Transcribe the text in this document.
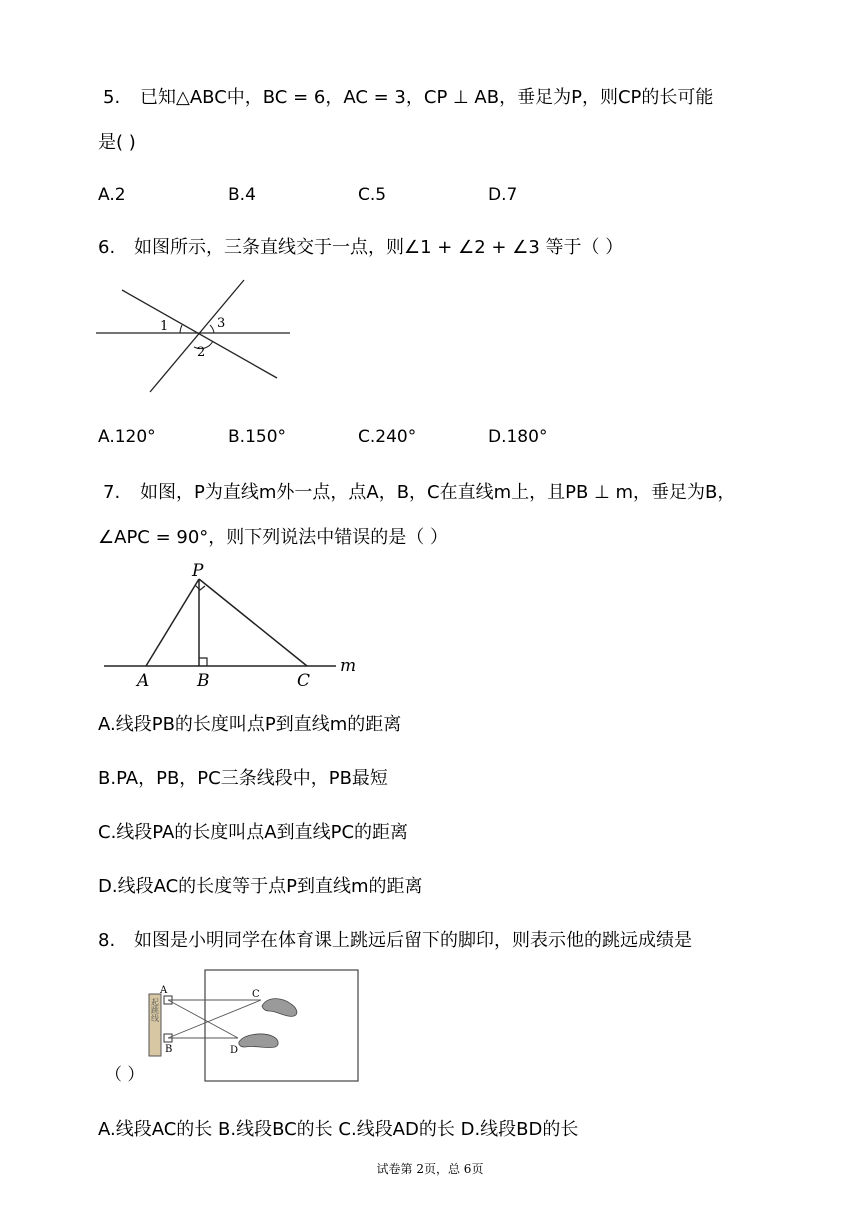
5. 已知△ABC中，BC = 6，AC = 3，CP ⊥ AB，垂足为P，则CP的长可能
是( )
A.2	B.4	C.5	D.7
6. 如图所示，三条直线交于一点，则∠1 + ∠2 + ∠3 等于（ ）
1
2
3
A.120°	B.150°	C.240°	D.180°
7. 如图，P为直线m外一点，点A，B，C在直线m上，且PB ⊥ m，垂足为B，
∠APC = 90°，则下列说法中错误的是（ ）
P
A	B	C
m
A.线段PB的长度叫点P到直线m的距离
B.PA，PB，PC三条线段中，PB最短
C.线段PA的长度叫点A到直线PC的距离
D.线段AC的长度等于点P到直线m的距离
8. 如图是小明同学在体育课上跳远后留下的脚印，则表示他的跳远成绩是
起跳线
A
B
C
D
（ ）
A.线段AC的长 B.线段BC的长 C.线段AD的长 D.线段BD的长
试卷第 2页，总 6页
